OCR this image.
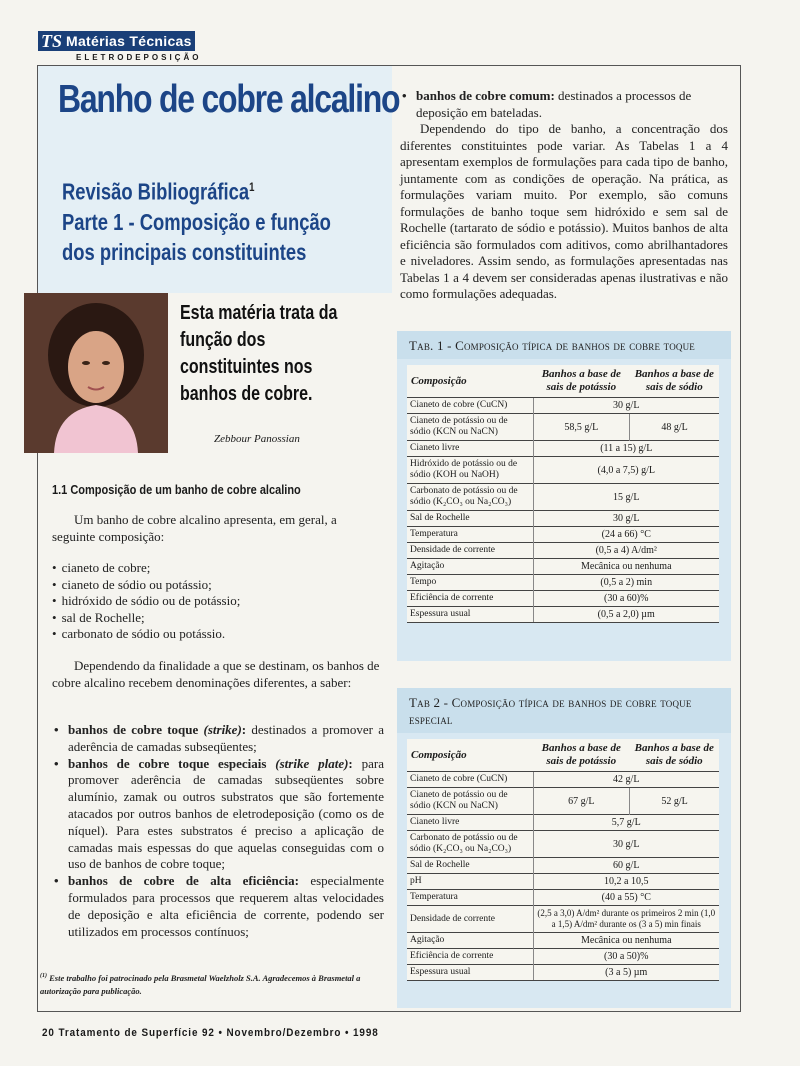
TS Matérias Técnicas
ELETRODEPOSIÇÃO
Banho de cobre alcalino
Revisão Bibliográfica$^1$
Parte 1 - Composição e função dos principais constituintes
Esta matéria trata da função dos constituintes nos banhos de cobre.
Zebbour Panossian
1.1 Composição de um banho de cobre alcalino
Um banho de cobre alcalino apresenta, em geral, a seguinte composição:
• cianeto de cobre;
• cianeto de sódio ou potássio;
• hidróxido de sódio ou de potássio;
• sal de Rochelle;
• carbonato de sódio ou potássio.
Dependendo da finalidade a que se destinam, os banhos de cobre alcalino recebem denominações diferentes, a saber:
• banhos de cobre toque (strike): destinados a promover a aderência de camadas subseqüentes;
• banhos de cobre toque especiais (strike plate): para promover aderência de camadas subseqüentes sobre alumínio, zamak ou outros substratos que são fortemente atacados por outros banhos de eletrodeposição (como os de níquel). Para estes substratos é preciso a aplicação de camadas mais espessas do que aquelas conseguidas com o uso de banhos de cobre toque;
• banhos de cobre de alta eficiência: especialmente formulados para processos que requerem altas velocidades de deposição e alta eficiência de corrente, podendo ser utilizados em processos contínuos;
$^{(1)}$ Este trabalho foi patrocinado pela Brasmetal Waelzholz S.A. Agradecemos à Brasmetal a autorização para publicação.
• banhos de cobre comum: destinados a processos de deposição em bateladas.
Dependendo do tipo de banho, a concentração dos diferentes constituintes pode variar. As Tabelas 1 a 4 apresentam exemplos de formulações para cada tipo de banho, juntamente com as condições de operação. Na prática, as formulações variam muito. Por exemplo, são comuns formulações de banho toque sem hidróxido e sem sal de Rochelle (tartarato de sódio e potássio). Muitos banhos de alta eficiência são formulados com aditivos, como abrilhantadores e niveladores. Assim sendo, as formulações apresentadas nas Tabelas 1 a 4 devem ser consideradas apenas ilustrativas e não como formulações adequadas.
Tab. 1 - Composição típica de banhos de cobre toque
Composição	Banhos a base de sais de potássio	Banhos a base de sais de sódio
Cianeto de cobre (CuCN)	30 g/L	
Cianeto de potássio ou de sódio (KCN ou NaCN)	58,5 g/L	48 g/L
Cianeto livre	(11 a 15) g/L	
Hidróxido de potássio ou de sódio (KOH ou NaOH)	(4,0 a 7,5) g/L	
Carbonato de potássio ou de sódio (K₂CO₃ ou Na₂CO₃)	15 g/L	
Sal de Rochelle	30 g/L	
Temperatura	(24 a 66) °C	
Densidade de corrente	(0,5 a 4) A/dm²	
Agitação	Mecânica ou nenhuma	
Tempo	(0,5 a 2) min	
Eficiência de corrente	(30 a 60)%	
Espessura usual	(0,5 a 2,0) µm	
Tab 2 - Composição típica de banhos de cobre toque especial
Composição	Banhos a base de sais de potássio	Banhos a base de sais de sódio
Cianeto de cobre (CuCN)	42 g/L	
Cianeto de potássio ou de sódio (KCN ou NaCN)	67 g/L	52 g/L
Cianeto livre	5,7 g/L	
Carbonato de potássio ou de sódio (K₂CO₃ ou Na₂CO₃)	30 g/L	
Sal de Rochelle	60 g/L	
pH	10,2 a 10,5	
Temperatura	(40 a 55) °C	
Densidade de corrente	(2,5 a 3,0) A/dm² durante os primeiros 2 min (1,0 a 1,5) A/dm² durante os (3 a 5) min finais	
Agitação	Mecânica ou nenhuma	
Eficiência de corrente	(30 a 50)%	
Espessura usual	(3 a 5) µm	
20 Tratamento de Superfície 92 • Novembro/Dezembro • 1998
